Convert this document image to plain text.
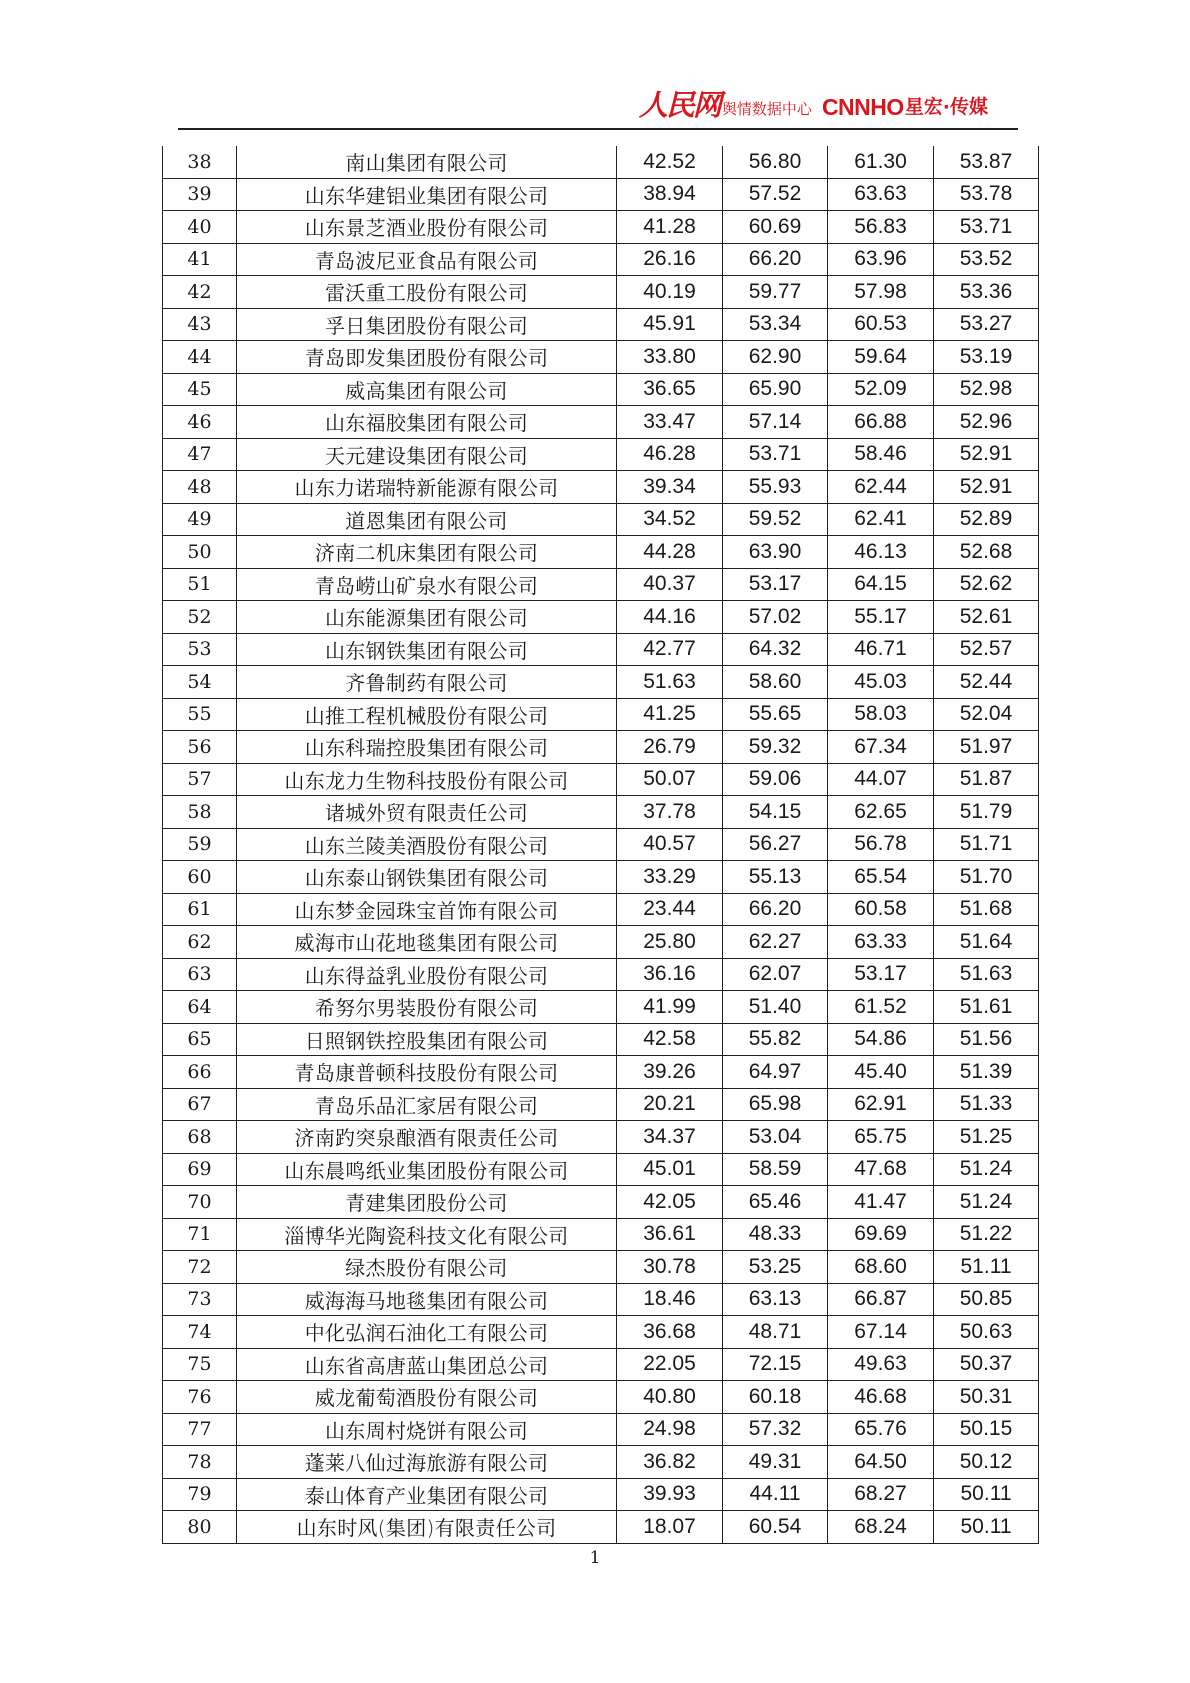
人民网 舆情数据中心 CNNHO 星宏·传媒
38	南山集团有限公司	42.52	56.80	61.30	53.87
39	山东华建铝业集团有限公司	38.94	57.52	63.63	53.78
40	山东景芝酒业股份有限公司	41.28	60.69	56.83	53.71
41	青岛波尼亚食品有限公司	26.16	66.20	63.96	53.52
42	雷沃重工股份有限公司	40.19	59.77	57.98	53.36
43	孚日集团股份有限公司	45.91	53.34	60.53	53.27
44	青岛即发集团股份有限公司	33.80	62.90	59.64	53.19
45	威高集团有限公司	36.65	65.90	52.09	52.98
46	山东福胶集团有限公司	33.47	57.14	66.88	52.96
47	天元建设集团有限公司	46.28	53.71	58.46	52.91
48	山东力诺瑞特新能源有限公司	39.34	55.93	62.44	52.91
49	道恩集团有限公司	34.52	59.52	62.41	52.89
50	济南二机床集团有限公司	44.28	63.90	46.13	52.68
51	青岛崂山矿泉水有限公司	40.37	53.17	64.15	52.62
52	山东能源集团有限公司	44.16	57.02	55.17	52.61
53	山东钢铁集团有限公司	42.77	64.32	46.71	52.57
54	齐鲁制药有限公司	51.63	58.60	45.03	52.44
55	山推工程机械股份有限公司	41.25	55.65	58.03	52.04
56	山东科瑞控股集团有限公司	26.79	59.32	67.34	51.97
57	山东龙力生物科技股份有限公司	50.07	59.06	44.07	51.87
58	诸城外贸有限责任公司	37.78	54.15	62.65	51.79
59	山东兰陵美酒股份有限公司	40.57	56.27	56.78	51.71
60	山东泰山钢铁集团有限公司	33.29	55.13	65.54	51.70
61	山东梦金园珠宝首饰有限公司	23.44	66.20	60.58	51.68
62	威海市山花地毯集团有限公司	25.80	62.27	63.33	51.64
63	山东得益乳业股份有限公司	36.16	62.07	53.17	51.63
64	希努尔男装股份有限公司	41.99	51.40	61.52	51.61
65	日照钢铁控股集团有限公司	42.58	55.82	54.86	51.56
66	青岛康普顿科技股份有限公司	39.26	64.97	45.40	51.39
67	青岛乐品汇家居有限公司	20.21	65.98	62.91	51.33
68	济南趵突泉酿酒有限责任公司	34.37	53.04	65.75	51.25
69	山东晨鸣纸业集团股份有限公司	45.01	58.59	47.68	51.24
70	青建集团股份公司	42.05	65.46	41.47	51.24
71	淄博华光陶瓷科技文化有限公司	36.61	48.33	69.69	51.22
72	绿杰股份有限公司	30.78	53.25	68.60	51.11
73	威海海马地毯集团有限公司	18.46	63.13	66.87	50.85
74	中化弘润石油化工有限公司	36.68	48.71	67.14	50.63
75	山东省高唐蓝山集团总公司	22.05	72.15	49.63	50.37
76	威龙葡萄酒股份有限公司	40.80	60.18	46.68	50.31
77	山东周村烧饼有限公司	24.98	57.32	65.76	50.15
78	蓬莱八仙过海旅游有限公司	36.82	49.31	64.50	50.12
79	泰山体育产业集团有限公司	39.93	44.11	68.27	50.11
80	山东时风(集团)有限责任公司	18.07	60.54	68.24	50.11
1
